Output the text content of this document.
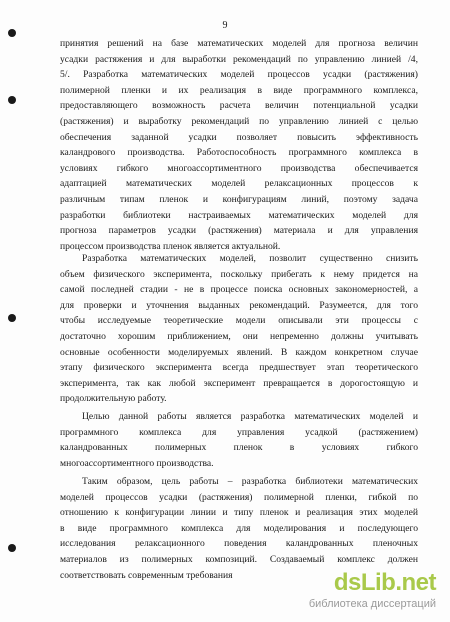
9
принятия решений на базе математических моделей для прогноза величин
усадки растяжения и для выработки рекомендаций по управлению линией /4,
5/. Разработка математических моделей процессов усадки (растяжения)
полимерной пленки и их реализация в виде программного комплекса,
предоставляющего возможность расчета величин потенциальной усадки
(растяжения) и выработку рекомендаций по управлению линией с целью
обеспечения заданной усадки позволяет повысить эффективность
каландрового производства. Работоспособность программного комплекса в
условиях гибкого многоассортиментного производства обеспечивается
адаптацией математических моделей релаксационных процессов к
различным типам пленок и конфигурациям линий, поэтому задача
разработки библиотеки настраиваемых математических моделей для
прогноза параметров усадки (растяжения) материала и для управления
процессом производства пленок является актуальной.
Разработка математических моделей, позволит существенно снизить
объем физического эксперимента, поскольку прибегать к нему придется на
самой последней стадии - не в процессе поиска основных закономерностей, а
для проверки и уточнения выданных рекомендаций. Разумеется, для того
чтобы исследуемые теоретические модели описывали эти процессы с
достаточно хорошим приближением, они непременно должны учитывать
основные особенности моделируемых явлений. В каждом конкретном случае
этапу физического эксперимента всегда предшествует этап теоретического
эксперимента, так как любой эксперимент превращается в дорогостоящую и
продолжительную работу.
Целью данной работы является разработка математических моделей и
программного комплекса для управления усадкой (растяжением)
каландрованных полимерных пленок в условиях гибкого
многоассортиментного производства.
Таким образом, цель работы – разработка библиотеки математических
моделей процессов усадки (растяжения) полимерной пленки, гибкой по
отношению к конфигурации линии и типу пленок и реализация этих моделей
в виде программного комплекса для моделирования и последующего
исследования релаксационного поведения каландрованных пленочных
материалов из полимерных композиций. Создаваемый комплекс должен
соответствовать современным требования	dsLib.net
библиотека диссертаций
